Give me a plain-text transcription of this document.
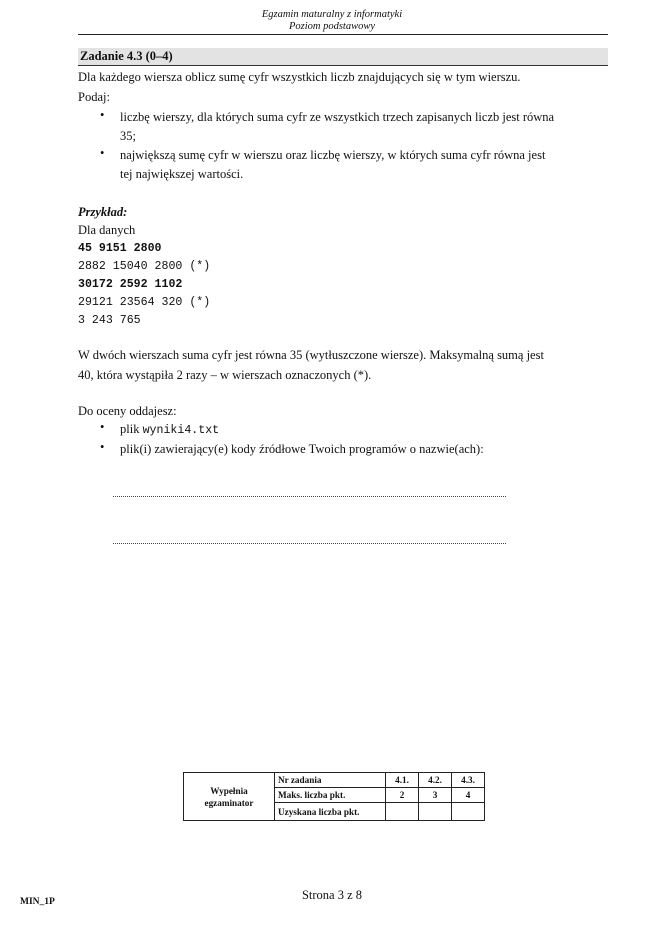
Egzamin maturalny z informatyki
Poziom podstawowy
Zadanie 4.3 (0–4)
Dla każdego wiersza oblicz sumę cyfr wszystkich liczb znajdujących się w tym wierszu.
Podaj:
• liczbę wierszy, dla których suma cyfr ze wszystkich trzech zapisanych liczb jest równa
35;
• największą sumę cyfr w wierszu oraz liczbę wierszy, w których suma cyfr równa jest
tej największej wartości.
Przykład:
Dla danych
45 9151 2800
2882 15040 2800 (*)
30172 2592 1102
29121 23564 320 (*)
3 243 765
W dwóch wierszach suma cyfr jest równa 35 (wytłuszczone wiersze). Maksymalną sumą jest
40, która wystąpiła 2 razy – w wierszach oznaczonych (*).
Do oceny oddajesz:
• plik wyniki4.txt
• plik(i) zawierający(e) kody źródłowe Twoich programów o nazwie(ach):
Wypełnia
egzaminator	Nr zadania	4.1.	4.2.	4.3.
	Maks. liczba pkt.	2	3	4
	Uzyskana liczba pkt.			
MIN_1P	Strona 3 z 8
